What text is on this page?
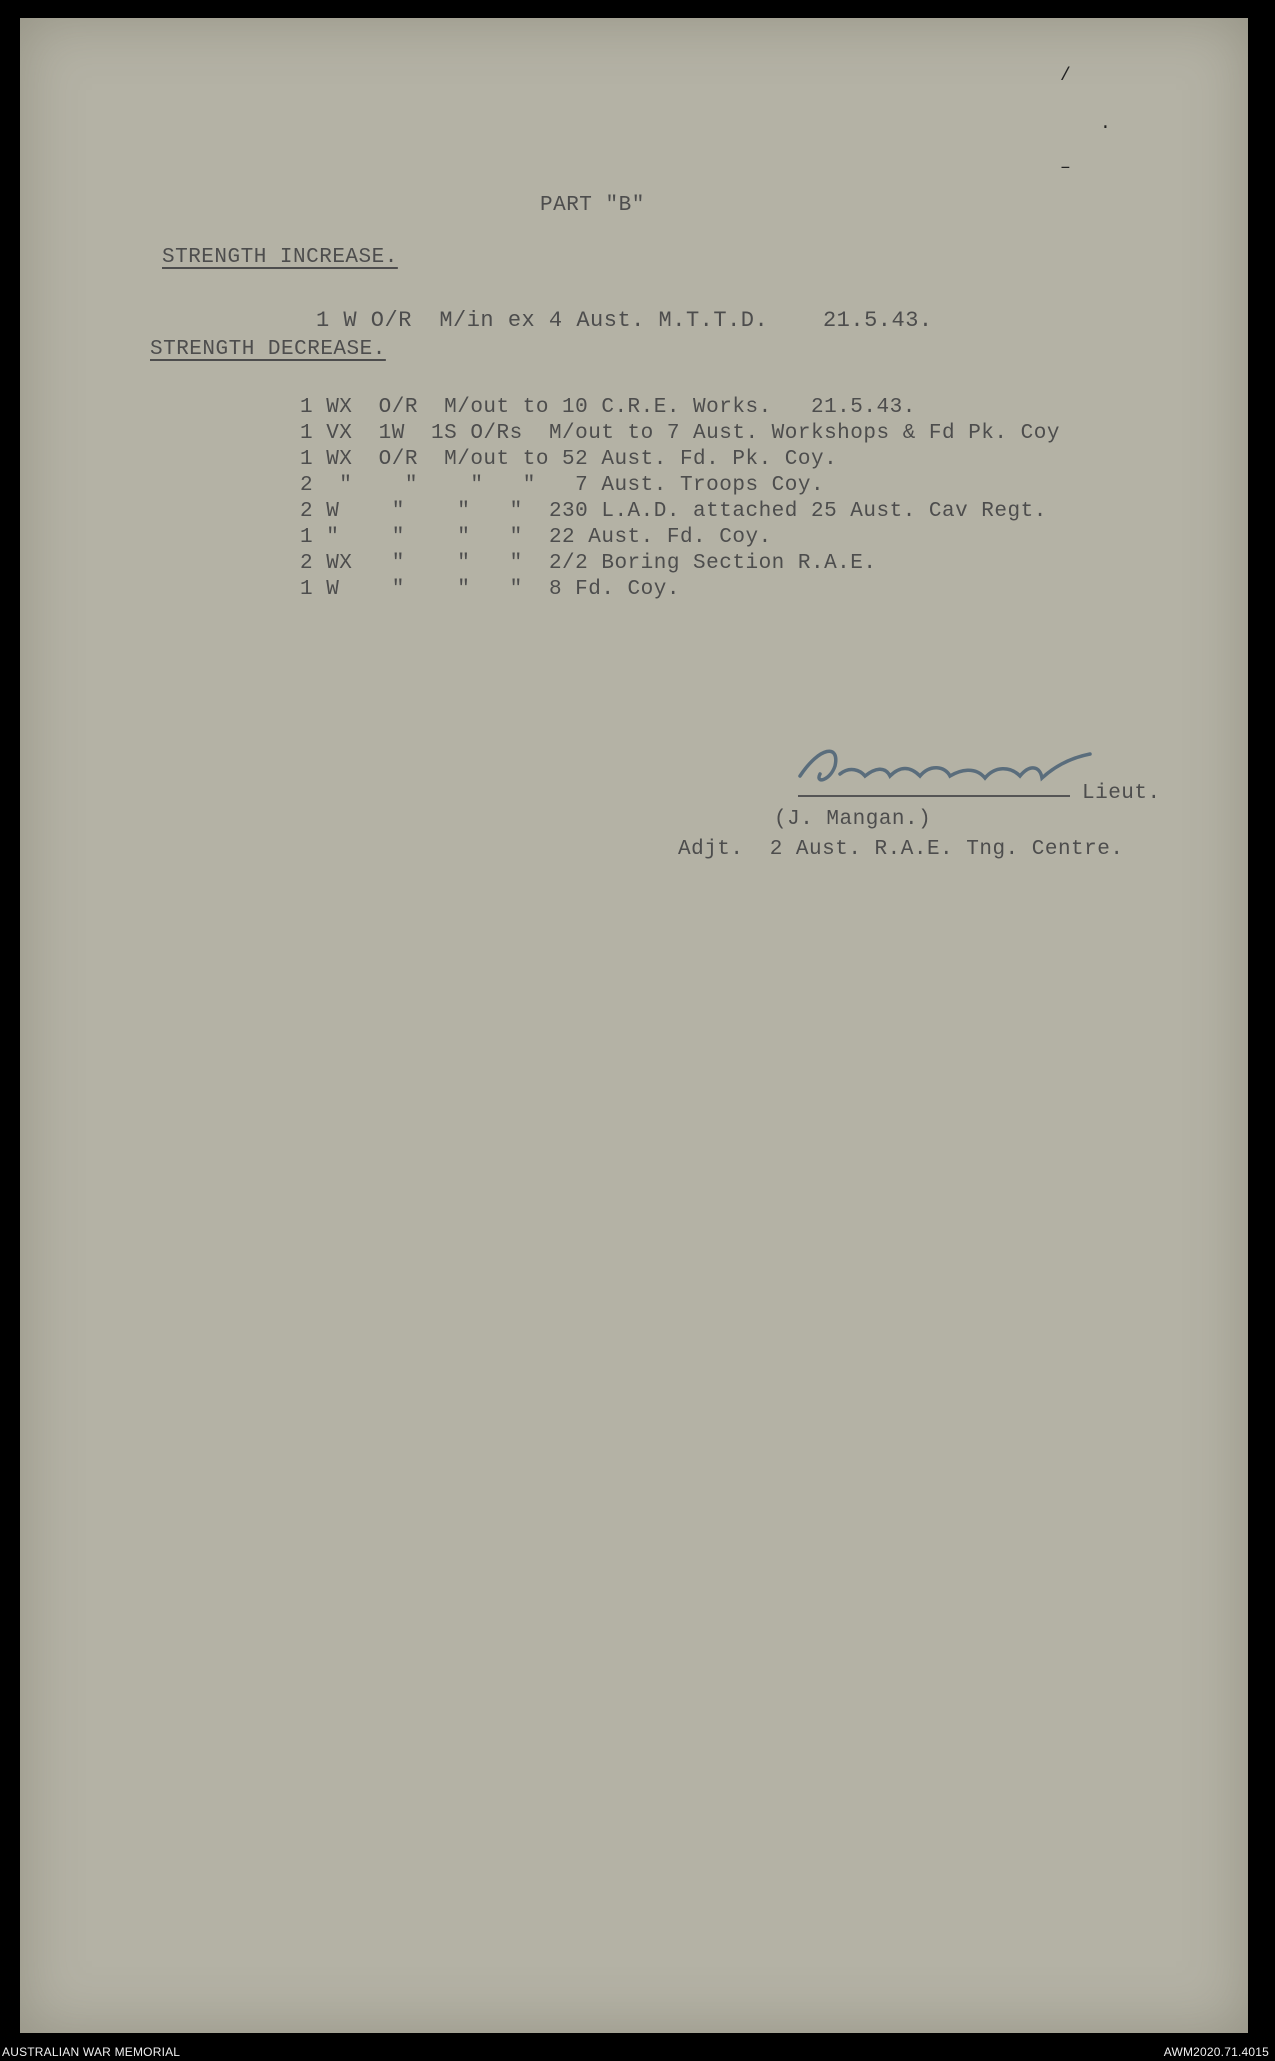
/
·
–
PART "B"
STRENGTH INCREASE.
1 W O/R  M/in ex 4 Aust. M.T.T.D.    21.5.43.
STRENGTH DECREASE.
1 WX  O/R  M/out to 10 C.R.E. Works.   21.5.43.
1 VX  1W  1S O/Rs  M/out to 7 Aust. Workshops & Fd Pk. Coy
1 WX  O/R  M/out to 52 Aust. Fd. Pk. Coy.
2  "    "    "   "   7 Aust. Troops Coy.
2 W    "    "   "  230 L.A.D. attached 25 Aust. Cav Regt.
1 "    "    "   "  22 Aust. Fd. Coy.
2 WX   "    "   "  2/2 Boring Section R.A.E.
1 W    "    "   "  8 Fd. Coy.
Lieut.
(J. Mangan.)
Adjt.  2 Aust. R.A.E. Tng. Centre.
AUSTRALIAN WAR MEMORIAL	AWM2020.71.4015
